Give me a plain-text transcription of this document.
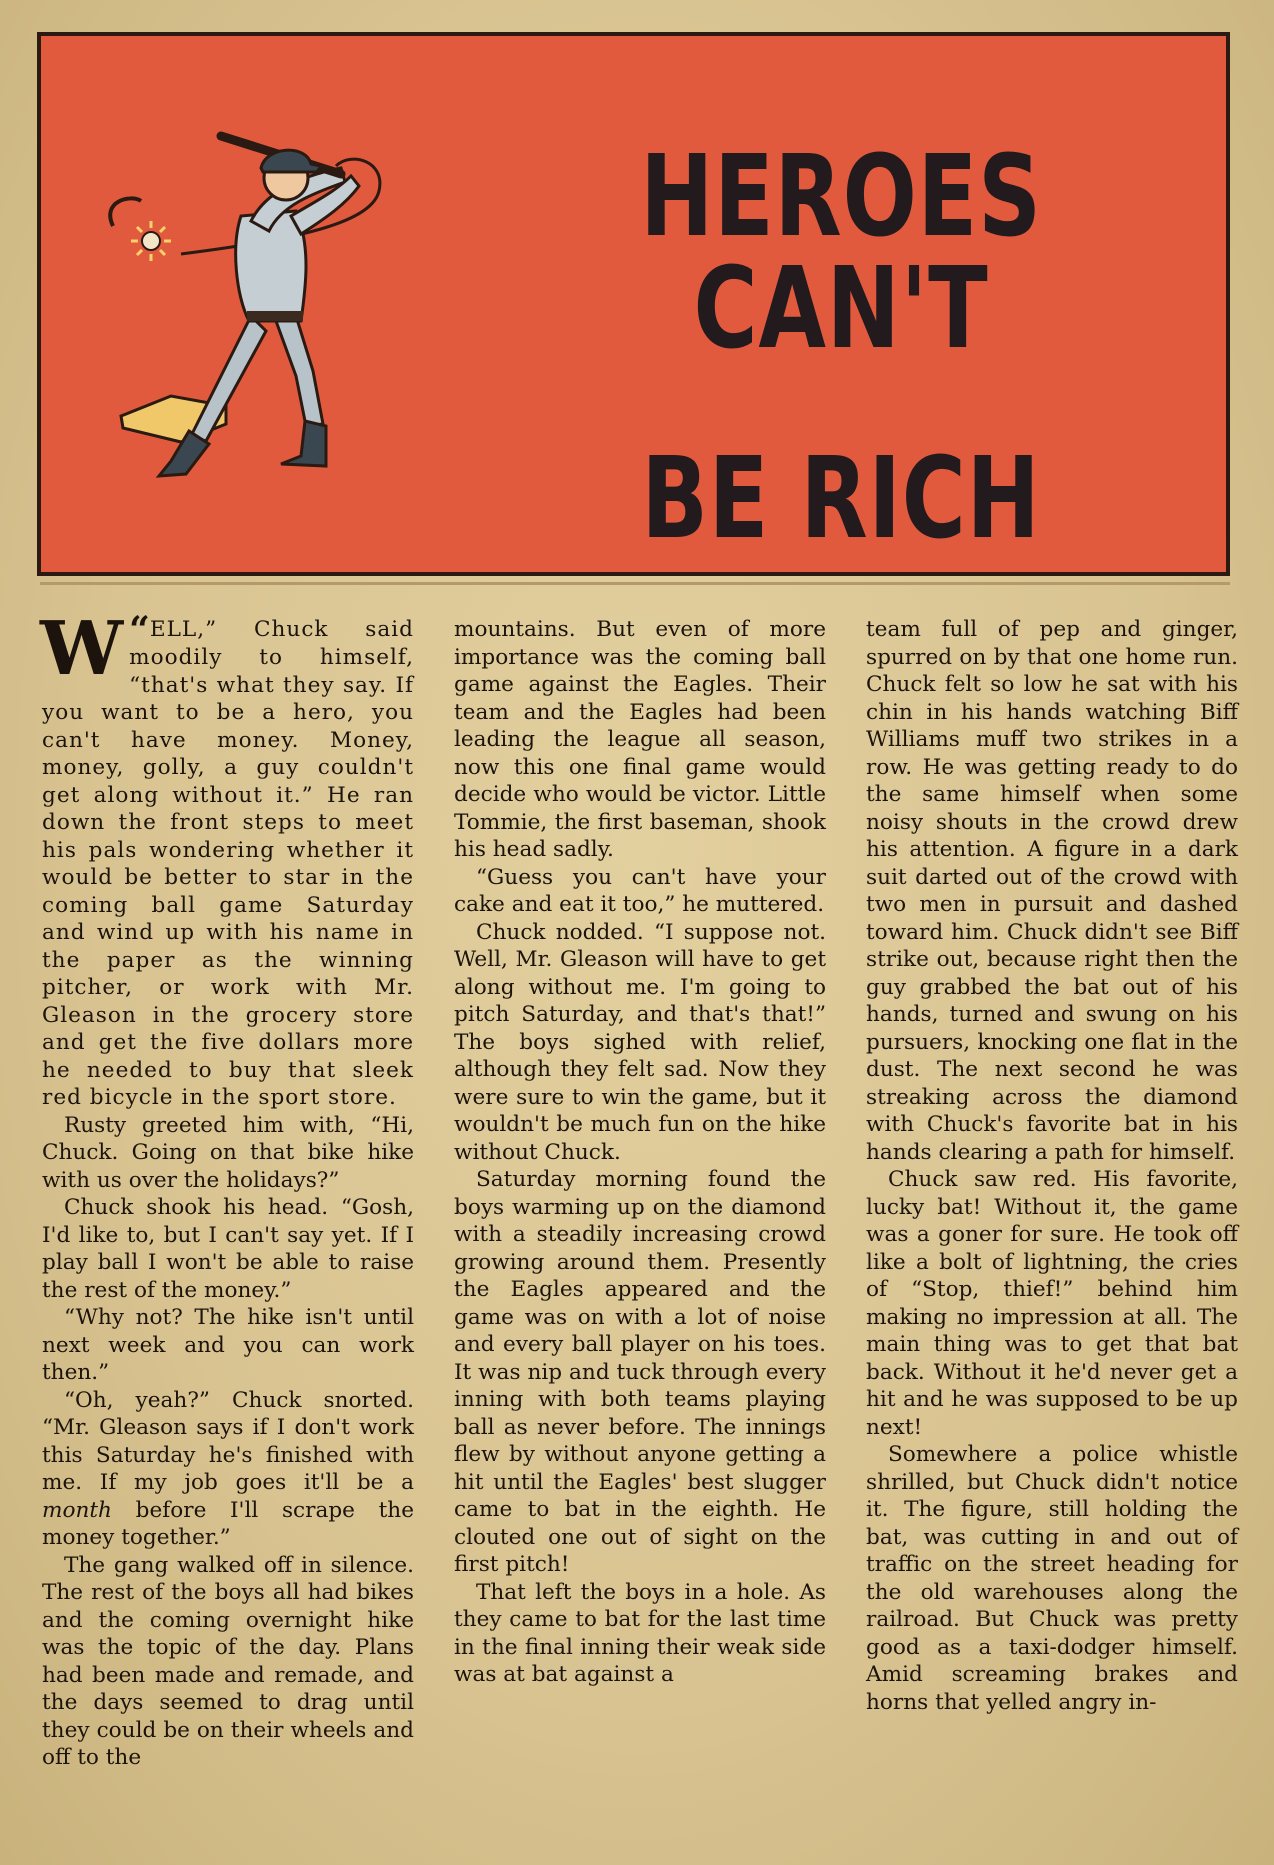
HEROES CAN'T
BE RICH

“
W ELL,” Chuck said moodily to himself, “that's what they say. If you want to be a hero, you can't have money. Money, money, golly, a guy couldn't get along without it.” He ran down the front steps to meet his pals wondering whether it would be better to star in the coming ball game Saturday and wind up with his name in the paper as the winning pitcher, or work with Mr. Gleason in the grocery store and get the five dollars more he needed to buy that sleek red bicycle in the sport store.

Rusty greeted him with, “Hi, Chuck. Going on that bike hike with us over the holidays?”

Chuck shook his head. “Gosh, I'd like to, but I can't say yet. If I play ball I won't be able to raise the rest of the money.”

“Why not? The hike isn't until next week and you can work then.”

“Oh, yeah?” Chuck snorted. “Mr. Gleason says if I don't work this Saturday he's finished with me. If my job goes it'll be a month before I'll scrape the money together.”

The gang walked off in silence. The rest of the boys all had bikes and the coming overnight hike was the topic of the day. Plans had been made and remade, and the days seemed to drag until they could be on their wheels and off to the

mountains. But even of more importance was the coming ball game against the Eagles. Their team and the Eagles had been leading the league all season, now this one final game would decide who would be victor. Little Tommie, the first baseman, shook his head sadly.

“Guess you can't have your cake and eat it too,” he muttered.

Chuck nodded. “I suppose not. Well, Mr. Gleason will have to get along without me. I'm going to pitch Saturday, and that's that!” The boys sighed with relief, although they felt sad. Now they were sure to win the game, but it wouldn't be much fun on the hike without Chuck.

Saturday morning found the boys warming up on the diamond with a steadily increasing crowd growing around them. Presently the Eagles appeared and the game was on with a lot of noise and every ball player on his toes. It was nip and tuck through every inning with both teams playing ball as never before. The innings flew by without anyone getting a hit until the Eagles' best slugger came to bat in the eighth. He clouted one out of sight on the first pitch!

That left the boys in a hole. As they came to bat for the last time in the final inning their weak side was at bat against a

team full of pep and ginger, spurred on by that one home run. Chuck felt so low he sat with his chin in his hands watching Biff Williams muff two strikes in a row. He was getting ready to do the same himself when some noisy shouts in the crowd drew his attention. A figure in a dark suit darted out of the crowd with two men in pursuit and dashed toward him. Chuck didn't see Biff strike out, because right then the guy grabbed the bat out of his hands, turned and swung on his pursuers, knocking one flat in the dust. The next second he was streaking across the diamond with Chuck's favorite bat in his hands clearing a path for himself.

Chuck saw red. His favorite, lucky bat! Without it, the game was a goner for sure. He took off like a bolt of lightning, the cries of “Stop, thief!” behind him making no impression at all. The main thing was to get that bat back. Without it he'd never get a hit and he was supposed to be up next!

Somewhere a police whistle shrilled, but Chuck didn't notice it. The figure, still holding the bat, was cutting in and out of traffic on the street heading for the old warehouses along the railroad. But Chuck was pretty good as a taxi-dodger himself. Amid screaming brakes and horns that yelled angry in-
